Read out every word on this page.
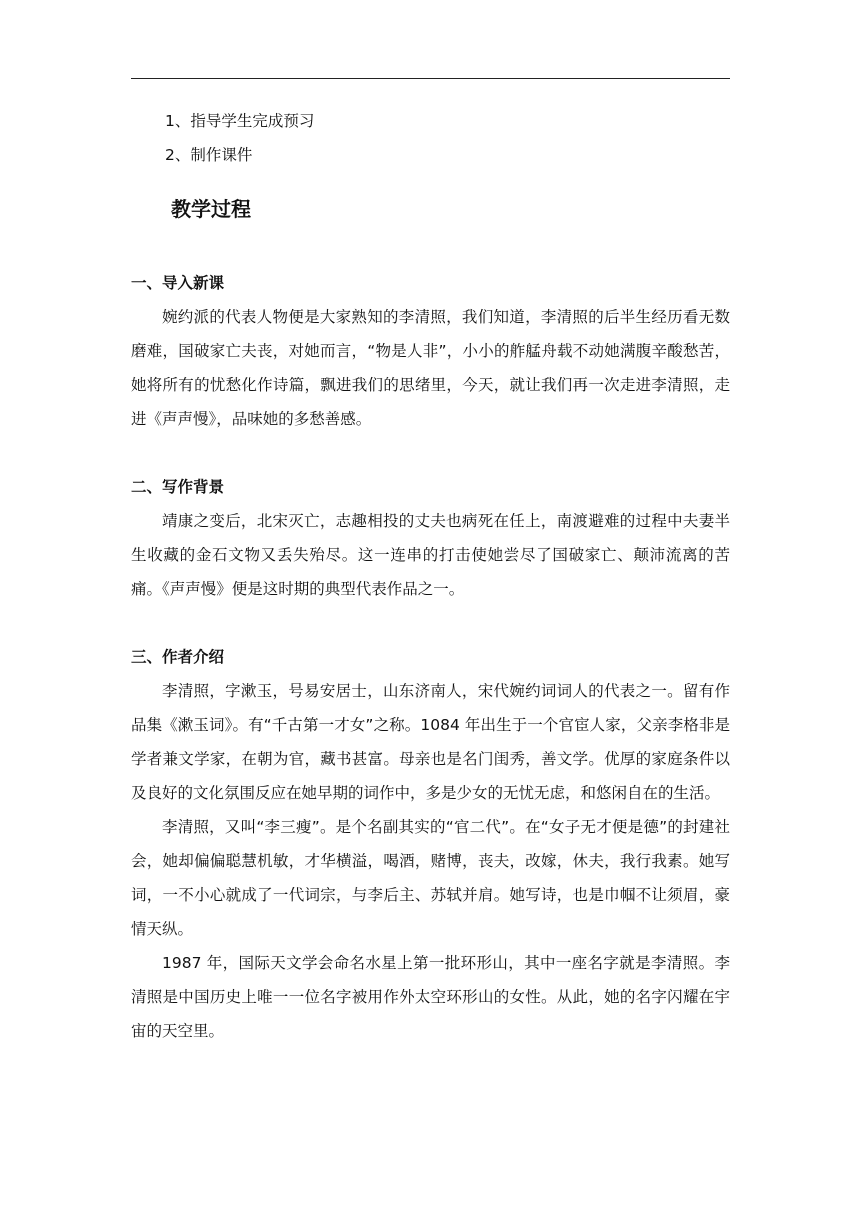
1、指导学生完成预习

2、制作课件

教学过程
一、导入新课

婉约派的代表人物便是大家熟知的李清照，我们知道，李清照的后半生经历看无数磨难，国破家亡夫丧，对她而言，“物是人非”，小小的舴艋舟载不动她满腹辛酸愁苦，她将所有的忧愁化作诗篇，飘进我们的思绪里，今天，就让我们再一次走进李清照，走进《声声慢》，品味她的多愁善感。

二、写作背景

靖康之变后，北宋灭亡，志趣相投的丈夫也病死在任上，南渡避难的过程中夫妻半生收藏的金石文物又丢失殆尽。这一连串的打击使她尝尽了国破家亡、颠沛流离的苦痛。《声声慢》便是这时期的典型代表作品之一。

三、作者介绍

李清照，字漱玉，号易安居士，山东济南人，宋代婉约词词人的代表之一。留有作品集《漱玉词》。有“千古第一才女”之称。1084 年出生于一个官宦人家，父亲李格非是学者兼文学家，在朝为官，藏书甚富。母亲也是名门闺秀，善文学。优厚的家庭条件以及良好的文化氛围反应在她早期的词作中，多是少女的无忧无虑，和悠闲自在的生活。

李清照，又叫“李三瘦”。是个名副其实的“官二代”。在“女子无才便是德”的封建社会，她却偏偏聪慧机敏，才华横溢，喝酒，赌博，丧夫，改嫁，休夫，我行我素。她写词，一不小心就成了一代词宗，与李后主、苏轼并肩。她写诗，也是巾帼不让须眉，豪情天纵。

1987 年，国际天文学会命名水星上第一批环形山，其中一座名字就是李清照。李清照是中国历史上唯一一位名字被用作外太空环形山的女性。从此，她的名字闪耀在宇宙的天空里。
